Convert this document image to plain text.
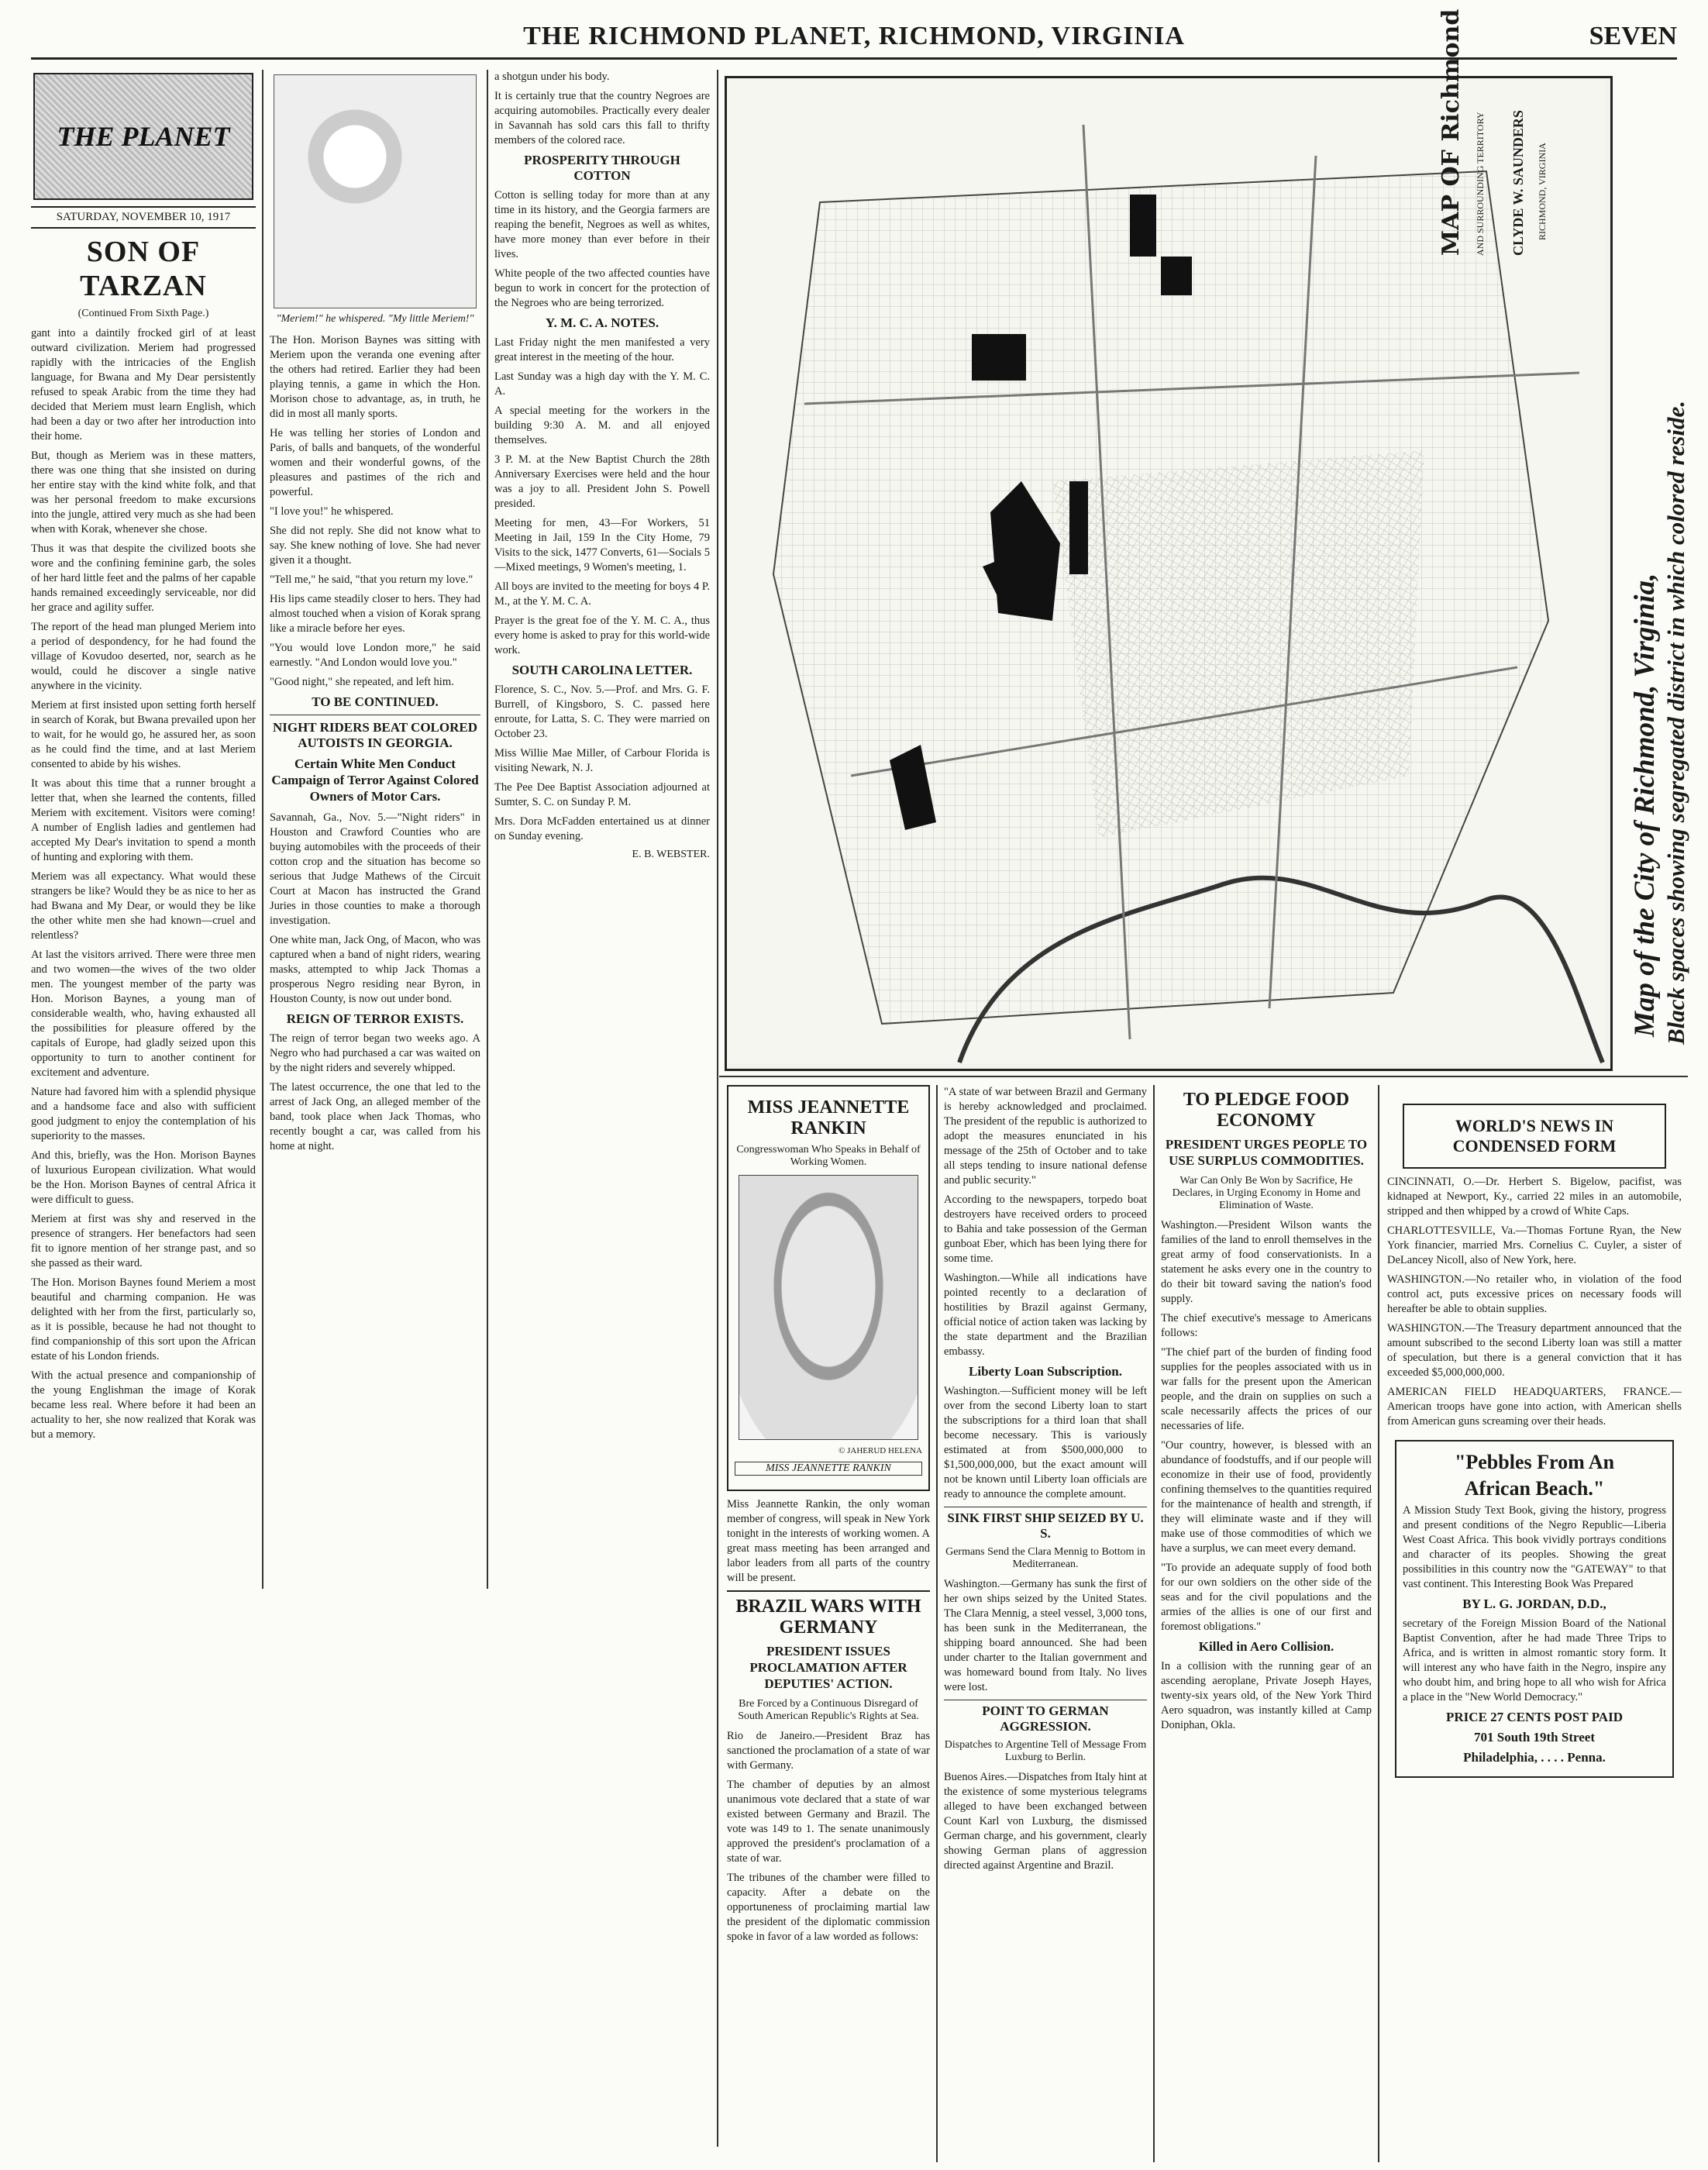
THE RICHMOND PLANET, RICHMOND, VIRGINIA	SEVEN
THE PLANET
SATURDAY, NOVEMBER 10, 1917
SON OF TARZAN
(Continued From Sixth Page.)

gant into a daintily frocked girl of at least outward civilization. Meriem had progressed rapidly with the intricacies of the English language, for Bwana and My Dear persistently refused to speak Arabic from the time they had decided that Meriem must learn English, which had been a day or two after her introduction into their home.

But, though as Meriem was in these matters, there was one thing that she insisted on during her entire stay with the kind white folk, and that was her personal freedom to make excursions into the jungle, attired very much as she had been when with Korak, whenever she chose.

Thus it was that despite the civilized boots she wore and the confining feminine garb, the soles of her hard little feet and the palms of her capable hands remained exceedingly serviceable, nor did her grace and agility suffer.

The report of the head man plunged Meriem into a period of despondency, for he had found the village of Kovudoo deserted, nor, search as he would, could he discover a single native anywhere in the vicinity.

Meriem at first insisted upon setting forth herself in search of Korak, but Bwana prevailed upon her to wait, for he would go, he assured her, as soon as he could find the time, and at last Meriem consented to abide by his wishes.

It was about this time that a runner brought a letter that, when she learned the contents, filled Meriem with excitement. Visitors were coming! A number of English ladies and gentlemen had accepted My Dear's invitation to spend a month of hunting and exploring with them.

Meriem was all expectancy. What would these strangers be like? Would they be as nice to her as had Bwana and My Dear, or would they be like the other white men she had known—cruel and relentless?

At last the visitors arrived. There were three men and two women—the wives of the two older men. The youngest member of the party was Hon. Morison Baynes, a young man of considerable wealth, who, having exhausted all the possibilities for pleasure offered by the capitals of Europe, had gladly seized upon this opportunity to turn to another continent for excitement and adventure.

Nature had favored him with a splendid physique and a handsome face and also with sufficient good judgment to enjoy the contemplation of his superiority to the masses.

And this, briefly, was the Hon. Morison Baynes of luxurious European civilization. What would be the Hon. Morison Baynes of central Africa it were difficult to guess.

Meriem at first was shy and reserved in the presence of strangers. Her benefactors had seen fit to ignore mention of her strange past, and so she passed as their ward.

The Hon. Morison Baynes found Meriem a most beautiful and charming companion. He was delighted with her from the first, particularly so, as it is possible, because he had not thought to find companionship of this sort upon the African estate of his London friends.

With the actual presence and companionship of the young Englishman the image of Korak became less real. Where before it had been an actuality to her, she now realized that Korak was but a memory.

"Meriem!" he whispered. "My little Meriem!"

The Hon. Morison Baynes was sitting with Meriem upon the veranda one evening after the others had retired. Earlier they had been playing tennis, a game in which the Hon. Morison chose to advantage, as, in truth, he did in most all manly sports.

He was telling her stories of London and Paris, of balls and banquets, of the wonderful women and their wonderful gowns, of the pleasures and pastimes of the rich and powerful.

"I love you!" he whispered.

She did not reply. She did not know what to say. She knew nothing of love. She had never given it a thought.

"Tell me," he said, "that you return my love."

His lips came steadily closer to hers. They had almost touched when a vision of Korak sprang like a miracle before her eyes.

"You would love London more," he said earnestly. "And London would love you."

"Good night," she repeated, and left him.

TO BE CONTINUED.
NIGHT RIDERS BEAT COLORED AUTOISTS IN GEORGIA.
Certain White Men Conduct Campaign of Terror Against Colored Owners of Motor Cars.

Savannah, Ga., Nov. 5.—"Night riders" in Houston and Crawford Counties who are buying automobiles with the proceeds of their cotton crop and the situation has become so serious that Judge Mathews of the Circuit Court at Macon has instructed the Grand Juries in those counties to make a thorough investigation.

One white man, Jack Ong, of Macon, who was captured when a band of night riders, wearing masks, attempted to whip Jack Thomas a prosperous Negro residing near Byron, in Houston County, is now out under bond.

REIGN OF TERROR EXISTS.

The reign of terror began two weeks ago. A Negro who had purchased a car was waited on by the night riders and severely whipped.

The latest occurrence, the one that led to the arrest of Jack Ong, an alleged member of the band, took place when Jack Thomas, who recently bought a car, was called from his home at night.

a shotgun under his body.

It is certainly true that the country Negroes are acquiring automobiles. Practically every dealer in Savannah has sold cars this fall to thrifty members of the colored race.

PROSPERITY THROUGH COTTON

Cotton is selling today for more than at any time in its history, and the Georgia farmers are reaping the benefit, Negroes as well as whites, have more money than ever before in their lives.

White people of the two affected counties have begun to work in concert for the protection of the Negroes who are being terrorized.

Y. M. C. A. NOTES.

Last Friday night the men manifested a very great interest in the meeting of the hour.

Last Sunday was a high day with the Y. M. C. A.

A special meeting for the workers in the building 9:30 A. M. and all enjoyed themselves.

3 P. M. at the New Baptist Church the 28th Anniversary Exercises were held and the hour was a joy to all. President John S. Powell presided.

Meeting for men, 43—For Workers, 51 Meeting in Jail, 159 In the City Home, 79 Visits to the sick, 1477 Converts, 61—Socials 5—Mixed meetings, 9 Women's meeting, 1.

All boys are invited to the meeting for boys 4 P. M., at the Y. M. C. A.

Prayer is the great foe of the Y. M. C. A., thus every home is asked to pray for this world-wide work.

SOUTH CAROLINA LETTER.

Florence, S. C., Nov. 5.—Prof. and Mrs. G. F. Burrell, of Kingsboro, S. C. passed here enroute, for Latta, S. C. They were married on October 23.

Miss Willie Mae Miller, of Carbour Florida is visiting Newark, N. J.

The Pee Dee Baptist Association adjourned at Sumter, S. C. on Sunday P. M.

Mrs. Dora McFadden entertained us at dinner on Sunday evening.

E. B. WEBSTER.
MAP OF Richmond AND SURROUNDING TERRITORY CLYDE W. SAUNDERS RICHMOND, VIRGINIA
Map of the City of Richmond, Virginia, Black spaces showing segregated district in which colored reside.
MISS JEANNETTE RANKIN
Congresswoman Who Speaks in Behalf of Working Women.
© JAHERUD HELENA
MISS JEANNETTE RANKIN

Miss Jeannette Rankin, the only woman member of congress, will speak in New York tonight in the interests of working women. A great mass meeting has been arranged and labor leaders from all parts of the country will be present.

BRAZIL WARS WITH GERMANY
PRESIDENT ISSUES PROCLAMATION AFTER DEPUTIES' ACTION.
Bre Forced by a Continuous Disregard of South American Republic's Rights at Sea.

Rio de Janeiro.—President Braz has sanctioned the proclamation of a state of war with Germany.

The chamber of deputies by an almost unanimous vote declared that a state of war existed between Germany and Brazil. The vote was 149 to 1. The senate unanimously approved the president's proclamation of a state of war.

The tribunes of the chamber were filled to capacity. After a debate on the opportuneness of proclaiming martial law the president of the diplomatic commission spoke in favor of a law worded as follows:

"A state of war between Brazil and Germany is hereby acknowledged and proclaimed. The president of the republic is authorized to adopt the measures enunciated in his message of the 25th of October and to take all steps tending to insure national defense and public security."

According to the newspapers, torpedo boat destroyers have received orders to proceed to Bahia and take possession of the German gunboat Eber, which has been lying there for some time.

Washington.—While all indications have pointed recently to a declaration of hostilities by Brazil against Germany, official notice of action taken was lacking by the state department and the Brazilian embassy.

Liberty Loan Subscription.

Washington.—Sufficient money will be left over from the second Liberty loan to start the subscriptions for a third loan that shall become necessary. This is variously estimated at from $500,000,000 to $1,500,000,000, but the exact amount will not be known until Liberty loan officials are ready to announce the complete amount.

SINK FIRST SHIP SEIZED BY U. S.
Germans Send the Clara Mennig to Bottom in Mediterranean.

Washington.—Germany has sunk the first of her own ships seized by the United States. The Clara Mennig, a steel vessel, 3,000 tons, has been sunk in the Mediterranean, the shipping board announced. She had been under charter to the Italian government and was homeward bound from Italy. No lives were lost.

POINT TO GERMAN AGGRESSION.
Dispatches to Argentine Tell of Message From Luxburg to Berlin.

Buenos Aires.—Dispatches from Italy hint at the existence of some mysterious telegrams alleged to have been exchanged between Count Karl von Luxburg, the dismissed German charge, and his government, clearly showing German plans of aggression directed against Argentine and Brazil.

TO PLEDGE FOOD ECONOMY
PRESIDENT URGES PEOPLE TO USE SURPLUS COMMODITIES.
War Can Only Be Won by Sacrifice, He Declares, in Urging Economy in Home and Elimination of Waste.

Washington.—President Wilson wants the families of the land to enroll themselves in the great army of food conservationists. In a statement he asks every one in the country to do their bit toward saving the nation's food supply.

The chief executive's message to Americans follows:

"The chief part of the burden of finding food supplies for the peoples associated with us in war falls for the present upon the American people, and the drain on supplies on such a scale necessarily affects the prices of our necessaries of life.

"Our country, however, is blessed with an abundance of foodstuffs, and if our people will economize in their use of food, providently confining themselves to the quantities required for the maintenance of health and strength, if they will eliminate waste and if they will make use of those commodities of which we have a surplus, we can meet every demand.

"To provide an adequate supply of food both for our own soldiers on the other side of the seas and for the civil populations and the armies of the allies is one of our first and foremost obligations."

Killed in Aero Collision.

In a collision with the running gear of an ascending aeroplane, Private Joseph Hayes, twenty-six years old, of the New York Third Aero squadron, was instantly killed at Camp Doniphan, Okla.

WORLD'S NEWS IN CONDENSED FORM

CINCINNATI, O.—Dr. Herbert S. Bigelow, pacifist, was kidnaped at Newport, Ky., carried 22 miles in an automobile, stripped and then whipped by a crowd of White Caps.

CHARLOTTESVILLE, Va.—Thomas Fortune Ryan, the New York financier, married Mrs. Cornelius C. Cuyler, a sister of DeLancey Nicoll, also of New York, here.

WASHINGTON.—No retailer who, in violation of the food control act, puts excessive prices on necessary foods will hereafter be able to obtain supplies.

WASHINGTON.—The Treasury department announced that the amount subscribed to the second Liberty loan was still a matter of speculation, but there is a general conviction that it has exceeded $5,000,000,000.

AMERICAN FIELD HEADQUARTERS, FRANCE.—American troops have gone into action, with American shells from American guns screaming over their heads.

"Pebbles From An
African Beach."

A Mission Study Text Book, giving the history, progress and present conditions of the Negro Republic—Liberia West Coast Africa. This book vividly portrays conditions and character of its peoples. Showing the great possibilities in this country now the "GATEWAY" to that vast continent. This Interesting Book Was Prepared

BY L. G. JORDAN, D.D.,

secretary of the Foreign Mission Board of the National Baptist Convention, after he had made Three Trips to Africa, and is written in almost romantic story form. It will interest any who have faith in the Negro, inspire any who doubt him, and bring hope to all who wish for Africa a place in the "New World Democracy."

PRICE 27 CENTS POST PAID
701 South 19th Street
Philadelphia, . . . . Penna.
